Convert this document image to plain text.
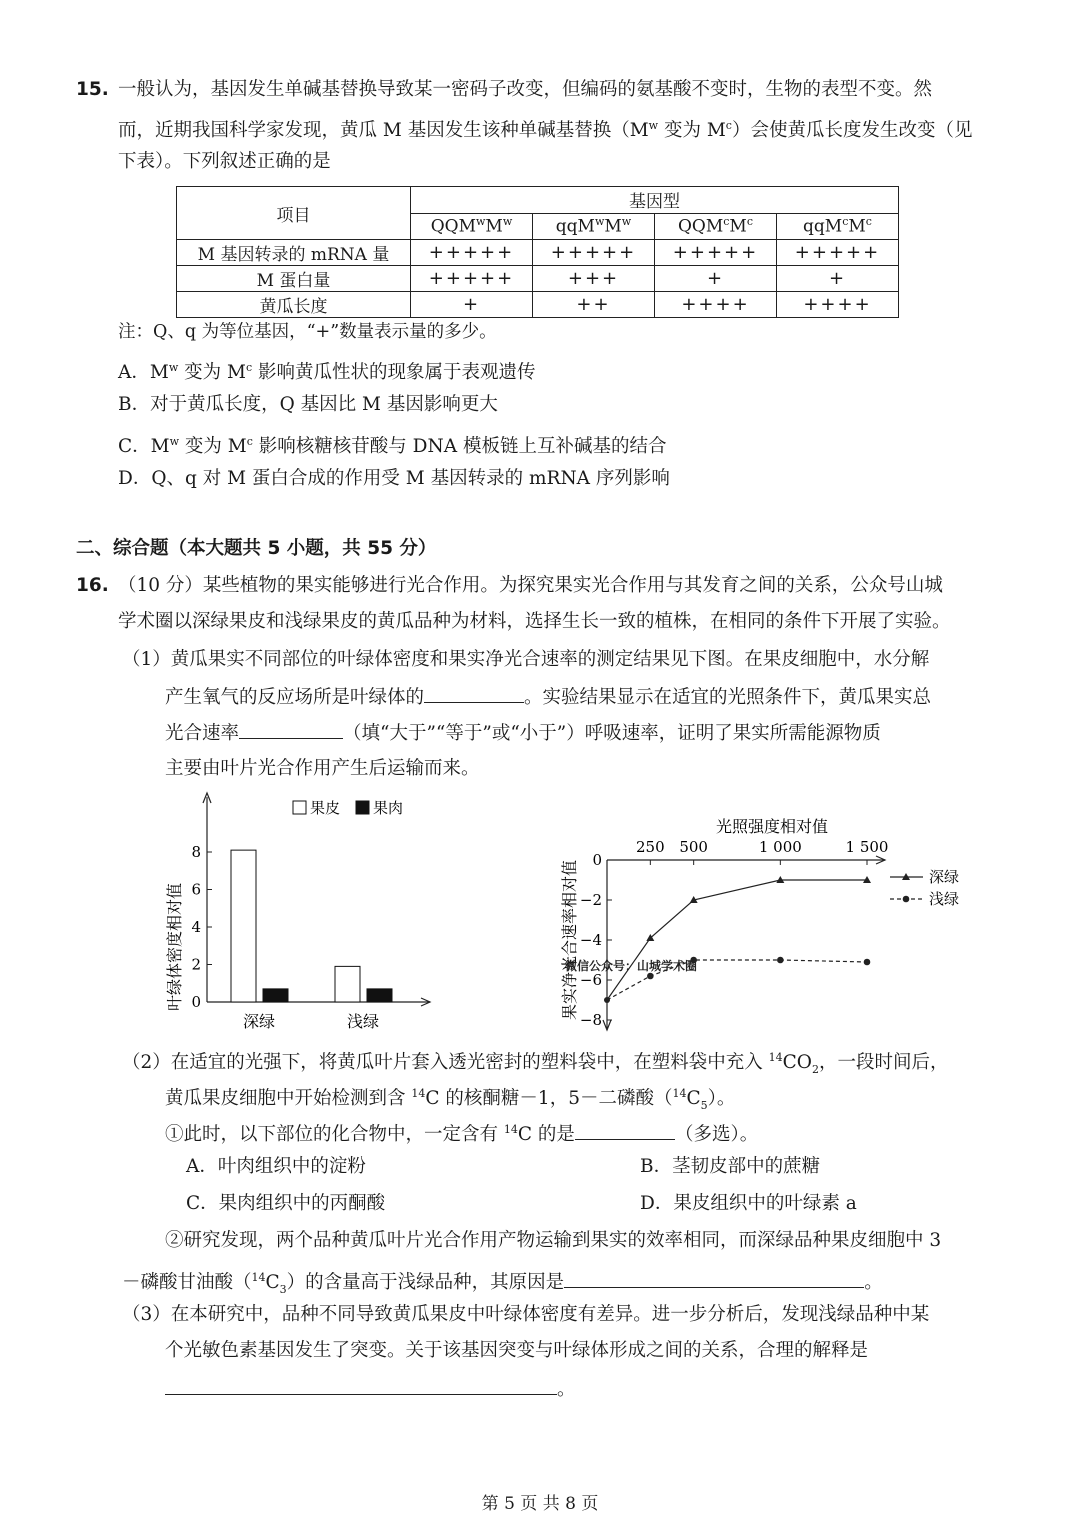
15. 一般认为，基因发生单碱基替换导致某一密码子改变，但编码的氨基酸不变时，生物的表型不变。然
而，近期我国科学家发现，黄瓜 M 基因发生该种单碱基替换（$M^w$ 变为 $M^c$）会使黄瓜长度发生改变（见
下表）。下列叙述正确的是
项目	基因型			
	$QQM^wM^w$	$qqM^wM^w$	$QQM^cM^c$	$qqM^cM^c$
M 基因转录的 mRNA 量	+++++	+++++	+++++	+++++
M 蛋白量	+++++	+++	+	+
黄瓜长度	+	++	++++	++++
注：Q、q 为等位基因，“+”数量表示量的多少。
A．$M^w$ 变为 $M^c$ 影响黄瓜性状的现象属于表观遗传
B．对于黄瓜长度，Q 基因比 M 基因影响更大
C．$M^w$ 变为 $M^c$ 影响核糖核苷酸与 DNA 模板链上互补碱基的结合
D．Q、q 对 M 蛋白合成的作用受 M 基因转录的 mRNA 序列影响
二、综合题（本大题共 5 小题，共 55 分）
16. （10 分）某些植物的果实能够进行光合作用。为探究果实光合作用与其发育之间的关系，公众号山城
学术圈以深绿果皮和浅绿果皮的黄瓜品种为材料，选择生长一致的植株，在相同的条件下开展了实验。
（1）黄瓜果实不同部位的叶绿体密度和果实净光合速率的测定结果见下图。在果皮细胞中，水分解
产生氧气的反应场所是叶绿体的	。实验结果显示在适宜的光照条件下，黄瓜果实总
光合速率	（填“大于”“等于”或“小于”）呼吸速率，证明了果实所需能源物质
主要由叶片光合作用产生后运输而来。
0
2
4
6
8
叶绿体密度相对值
深绿	浅绿
果皮 果肉
250 500	1 000	1 500
光照强度相对值
0
−2
−4
−6
−8
果实净光合速率相对值	深绿
浅绿
微信公众号：山城学术圈
（2）在适宜的光强下，将黄瓜叶片套入透光密封的塑料袋中，在塑料袋中充入 $^{14}CO_2$，一段时间后，
黄瓜果皮细胞中开始检测到含 $^{14}$C 的核酮糖－1，5－二磷酸$(^{14}C_5)$。
①此时，以下部位的化合物中，一定含有 $^{14}$C 的是	（多选）。
A．叶肉组织中的淀粉	B．茎韧皮部中的蔗糖
C．果肉组织中的丙酮酸	D．果皮组织中的叶绿素 a
②研究发现，两个品种黄瓜叶片光合作用产物运输到果实的效率相同，而深绿品种果皮细胞中 3
－磷酸甘油酸$(^{14}C_3)$的含量高于浅绿品种，其原因是	。
（3）在本研究中，品种不同导致黄瓜果皮中叶绿体密度有差异。进一步分析后，发现浅绿品种中某
个光敏色素基因发生了突变。关于该基因突变与叶绿体形成之间的关系，合理的解释是
。
第 5 页 共 8 页
